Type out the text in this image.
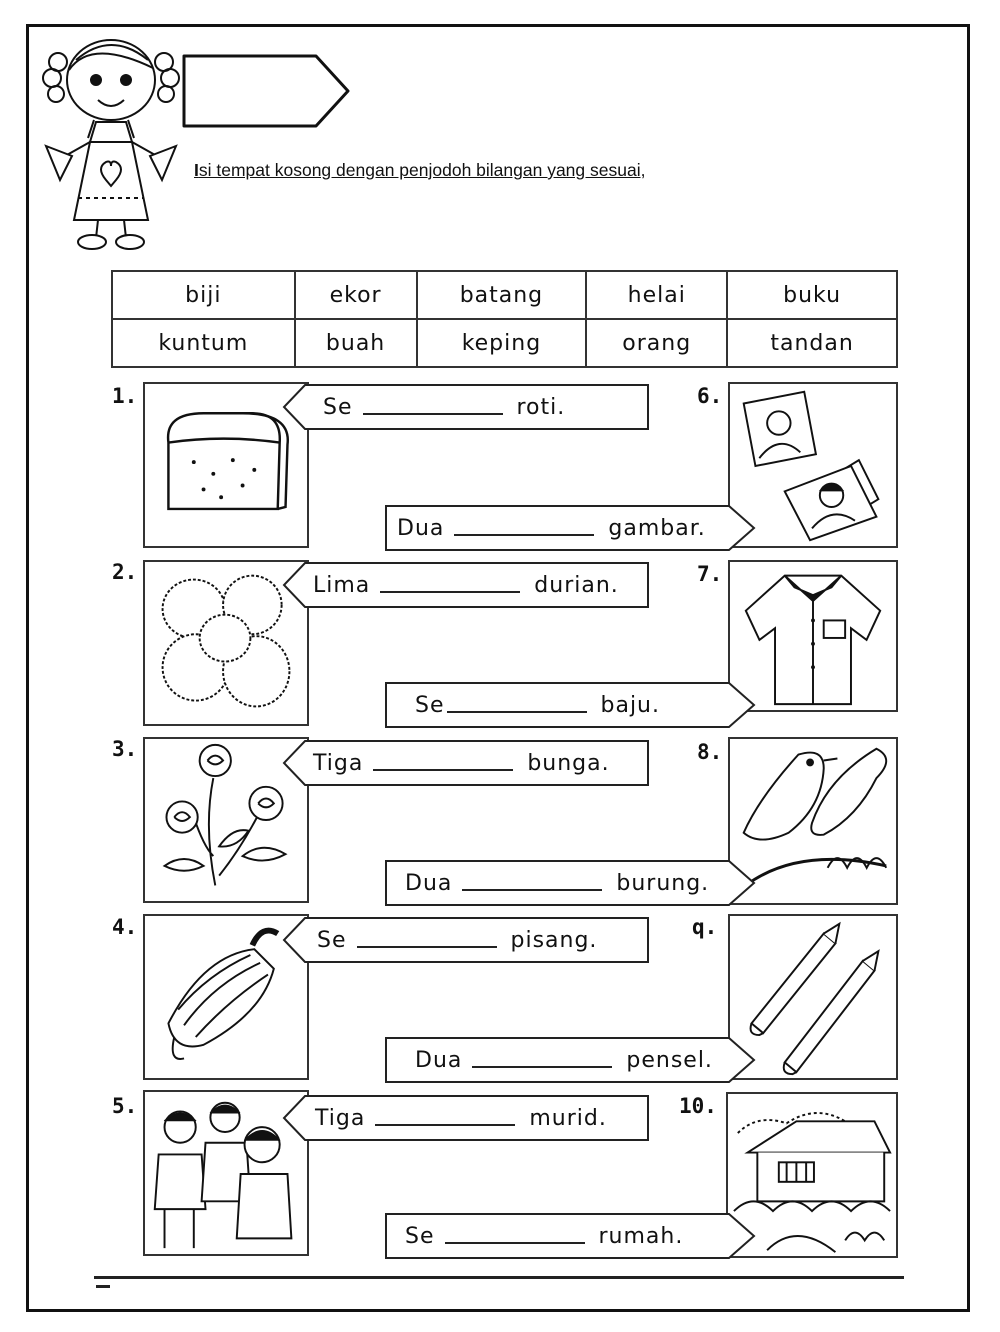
Isi tempat kosong dengan penjodoh bilangan yang sesuai,
biji	ekor	batang	helai	buku
kuntum	buah	keping	orang	tandan
1.	Se	roti.
2.
Lima	durian.
3.
Tiga	bunga.
4.
Se	pisang.
5.	Tiga	murid.
6.
Dua	gambar.
7.
Se	baju.
8.
Dua	burung.
q.
Dua	pensel.
10.
Se	rumah.
